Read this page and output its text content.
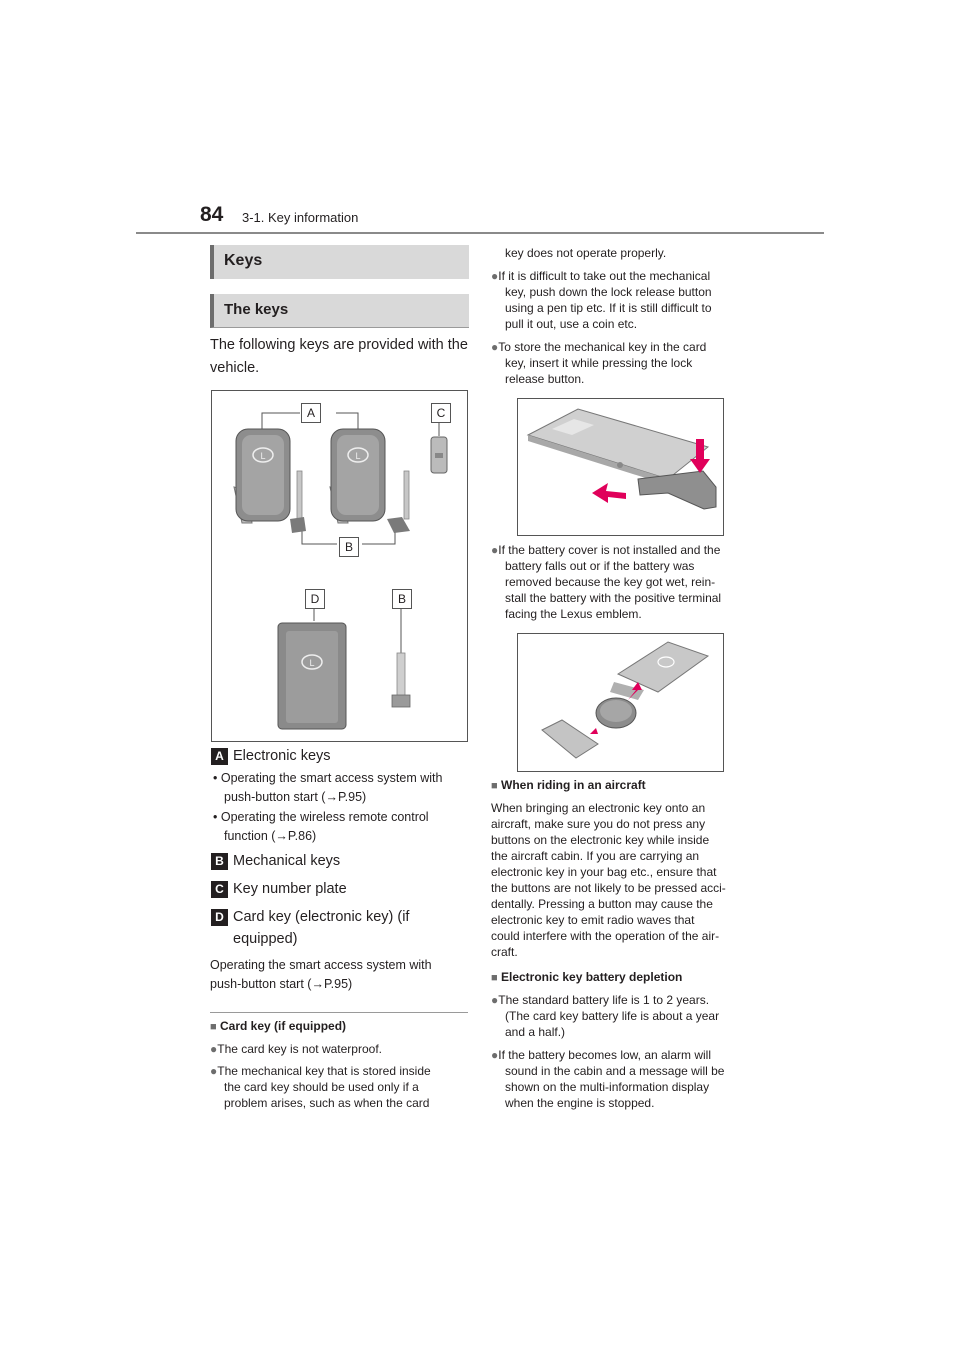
84 3-1. Key information
Keys
The keys
The following keys are provided with the vehicle.
L	L
L
A	C
B
D	B
A Electronic keys
• Operating the smart access system with
push-button start (→P.95)
• Operating the wireless remote control
function (→P.86)
B Mechanical keys
C Key number plate
D Card key (electronic key) (if
equipped)
Operating the smart access system with
push-button start (→P.95)
■ Card key (if equipped)
●The card key is not waterproof.
●The mechanical key that is stored inside
the card key should be used only if a
problem arises, such as when the card
key does not operate properly.
●If it is difficult to take out the mechanical
key, push down the lock release button
using a pen tip etc. If it is still difficult to
pull it out, use a coin etc.
●To store the mechanical key in the card
key, insert it while pressing the lock
release button.
●If the battery cover is not installed and the
battery falls out or if the battery was
removed because the key got wet, rein-
stall the battery with the positive terminal
facing the Lexus emblem.
■ When riding in an aircraft
When bringing an electronic key onto an
aircraft, make sure you do not press any
buttons on the electronic key while inside
the aircraft cabin. If you are carrying an
electronic key in your bag etc., ensure that
the buttons are not likely to be pressed acci-
dentally. Pressing a button may cause the
electronic key to emit radio waves that
could interfere with the operation of the air-
craft.
■ Electronic key battery depletion
●The standard battery life is 1 to 2 years.
(The card key battery life is about a year
and a half.)
●If the battery becomes low, an alarm will
sound in the cabin and a message will be
shown on the multi-information display
when the engine is stopped.
